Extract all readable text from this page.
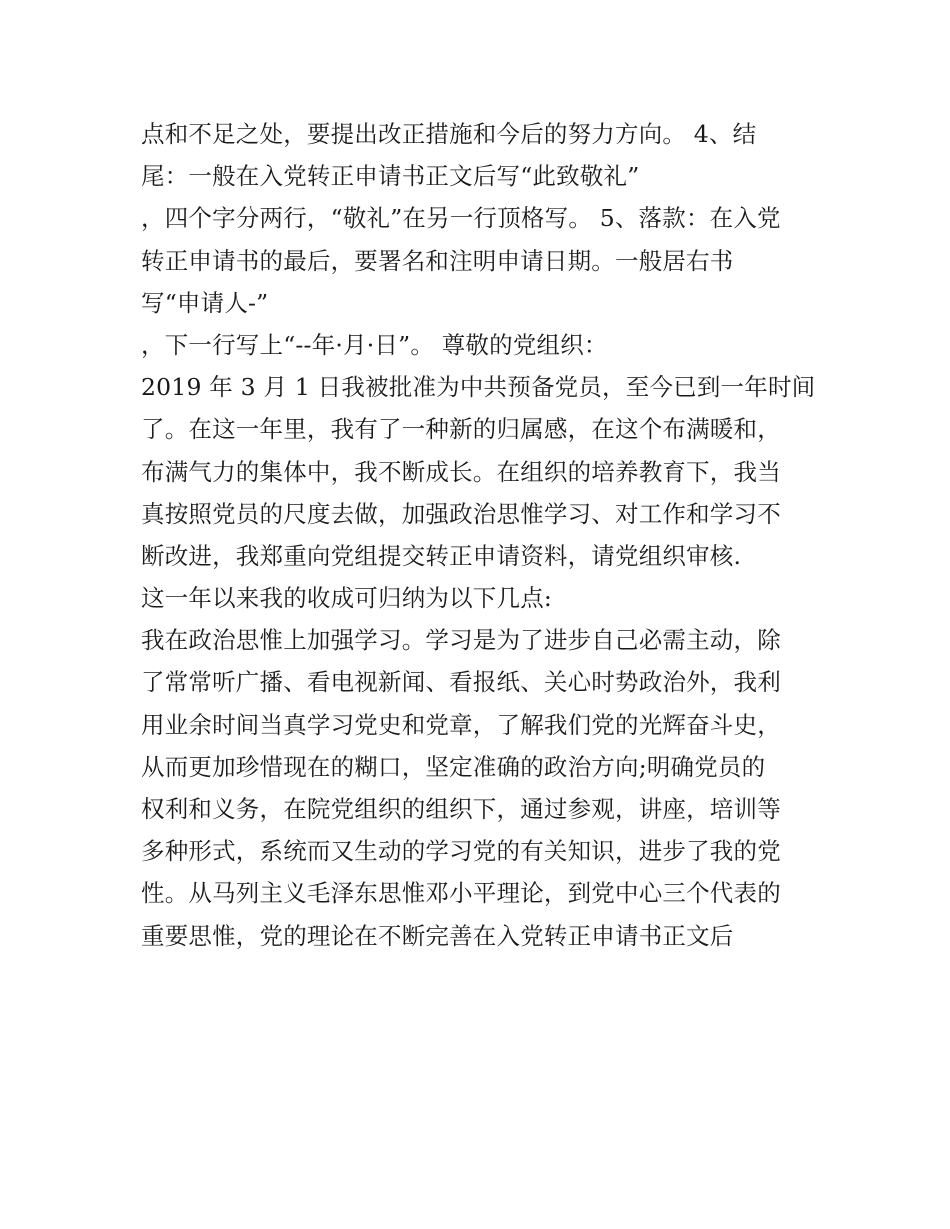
点和不足之处，要提出改正措施和今后的努力方向。 4、结
尾：一般在入党转正申请书正文后写“此致敬礼”
，四个字分两行，“敬礼”在另一行顶格写。 5、落款：在入党
转正申请书的最后，要署名和注明申请日期。一般居右书
写“申请人-”
，下一行写上“--年·月·日”。 尊敬的党组织：
2019 年 3 月 1 日我被批准为中共预备党员，至今已到一年时间
了。在这一年里，我有了一种新的归属感，在这个布满暖和，
布满气力的集体中，我不断成长。在组织的培养教育下，我当
真按照党员的尺度去做，加强政治思惟学习、对工作和学习不
断改进，我郑重向党组提交转正申请资料，请党组织审核.
这一年以来我的收成可归纳为以下几点:
我在政治思惟上加强学习。学习是为了进步自己必需主动，除
了常常听广播、看电视新闻、看报纸、关心时势政治外，我利
用业余时间当真学习党史和党章，了解我们党的光辉奋斗史，
从而更加珍惜现在的糊口，坚定准确的政治方向;明确党员的
权利和义务，在院党组织的组织下，通过参观，讲座，培训等
多种形式，系统而又生动的学习党的有关知识，进步了我的党
性。从马列主义毛泽东思惟邓小平理论，到党中心三个代表的
重要思惟，党的理论在不断完善在入党转正申请书正文后
